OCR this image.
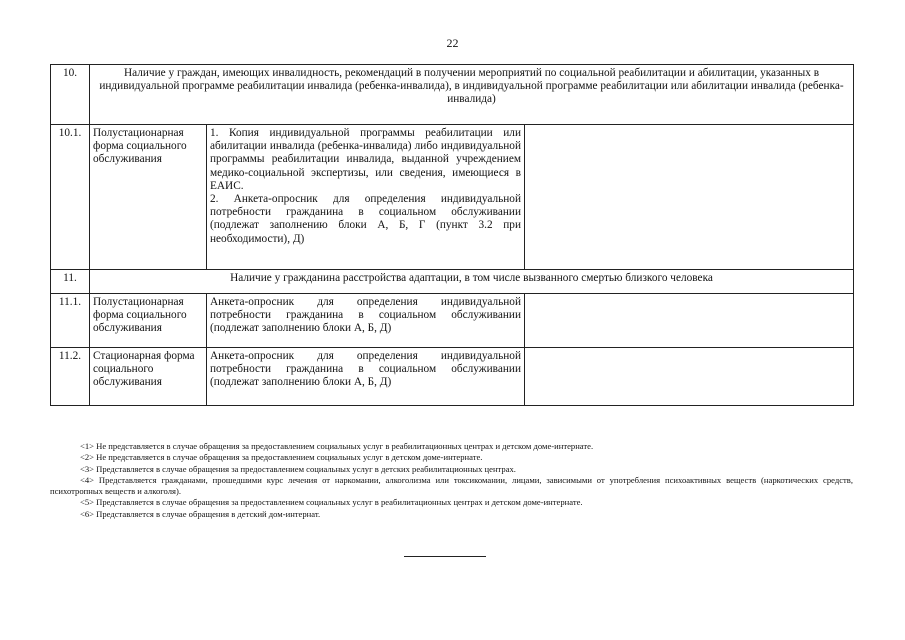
22
10.	Наличие у граждан, имеющих инвалидность, рекомендаций в получении мероприятий по социальной реабилитации и абилитации, указанных в индивидуальной программе реабилитации инвалида (ребенка-инвалида), в индивидуальной программе реабилитации или абилитации инвалида (ребенка-инвалида)		
10.1.	Полустационарная форма социального обслуживания	1. Копия индивидуальной программы реабилитации или абилитации инвалида (ребенка-инвалида) либо индивидуальной программы реабилитации инвалида, выданной учреждением медико-социальной экспертизы, или сведения, имеющиеся в ЕАИС.
2. Анкета-опросник для определения индивидуальной потребности гражданина в социальном обслуживании (подлежат заполнению блоки А, Б, Г (пункт 3.2 при необходимости), Д)	

11.	Наличие у гражданина расстройства адаптации, в том числе вызванного смертью близкого человека		
11.1.	Полустационарная форма социального обслуживания	Анкета-опросник для определения индивидуальной потребности гражданина в социальном обслуживании (подлежат заполнению блоки А, Б, Д)	

11.2.	Стационарная форма социального обслуживания	Анкета-опросник для определения индивидуальной потребности гражданина в социальном обслуживании (подлежат заполнению блоки А, Б, Д)	

<1> Не представляется в случае обращения за предоставлением социальных услуг в реабилитационных центрах и детском доме-интернате.
<2> Не представляется в случае обращения за предоставлением социальных услуг в детском доме-интернате.
<3> Представляется в случае обращения за предоставлением социальных услуг в детских реабилитационных центрах.
<4> Представляется гражданами, прошедшими курс лечения от наркомании, алкоголизма или токсикомании, лицами, зависимыми от употребления психоактивных веществ (наркотических средств, психотропных веществ и алкоголя).
<5> Представляется в случае обращения за предоставлением социальных услуг в реабилитационных центрах и детском доме-интернате.
<6> Представляется в случае обращения в детский дом-интернат.
